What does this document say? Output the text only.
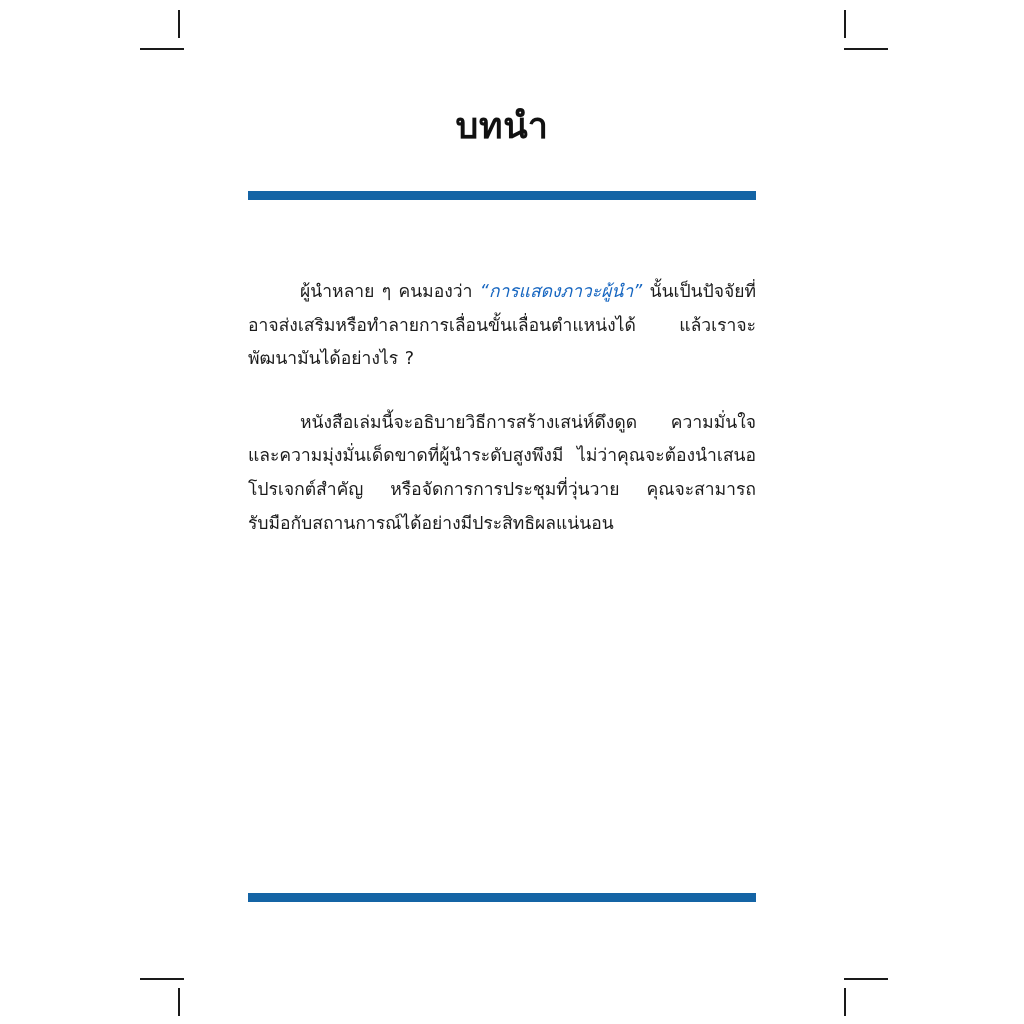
บทนำ

ผู้นำหลาย ๆ คนมองว่า “การแสดงภาวะผู้นำ” นั้นเป็นปัจจัยที่อาจส่งเสริมหรือทำลายการเลื่อนขั้นเลื่อนตำแหน่งได้ แล้วเราจะพัฒนามันได้อย่างไร ?

หนังสือเล่มนี้จะอธิบายวิธีการสร้างเสน่ห์ดึงดูด ความมั่นใจ และความมุ่งมั่นเด็ดขาดที่ผู้นำระดับสูงพึงมี ไม่ว่าคุณจะต้องนำเสนอโปรเจกต์สำคัญ หรือจัดการการประชุมที่วุ่นวาย คุณจะสามารถรับมือกับสถานการณ์ได้อย่างมีประสิทธิผลแน่นอน
